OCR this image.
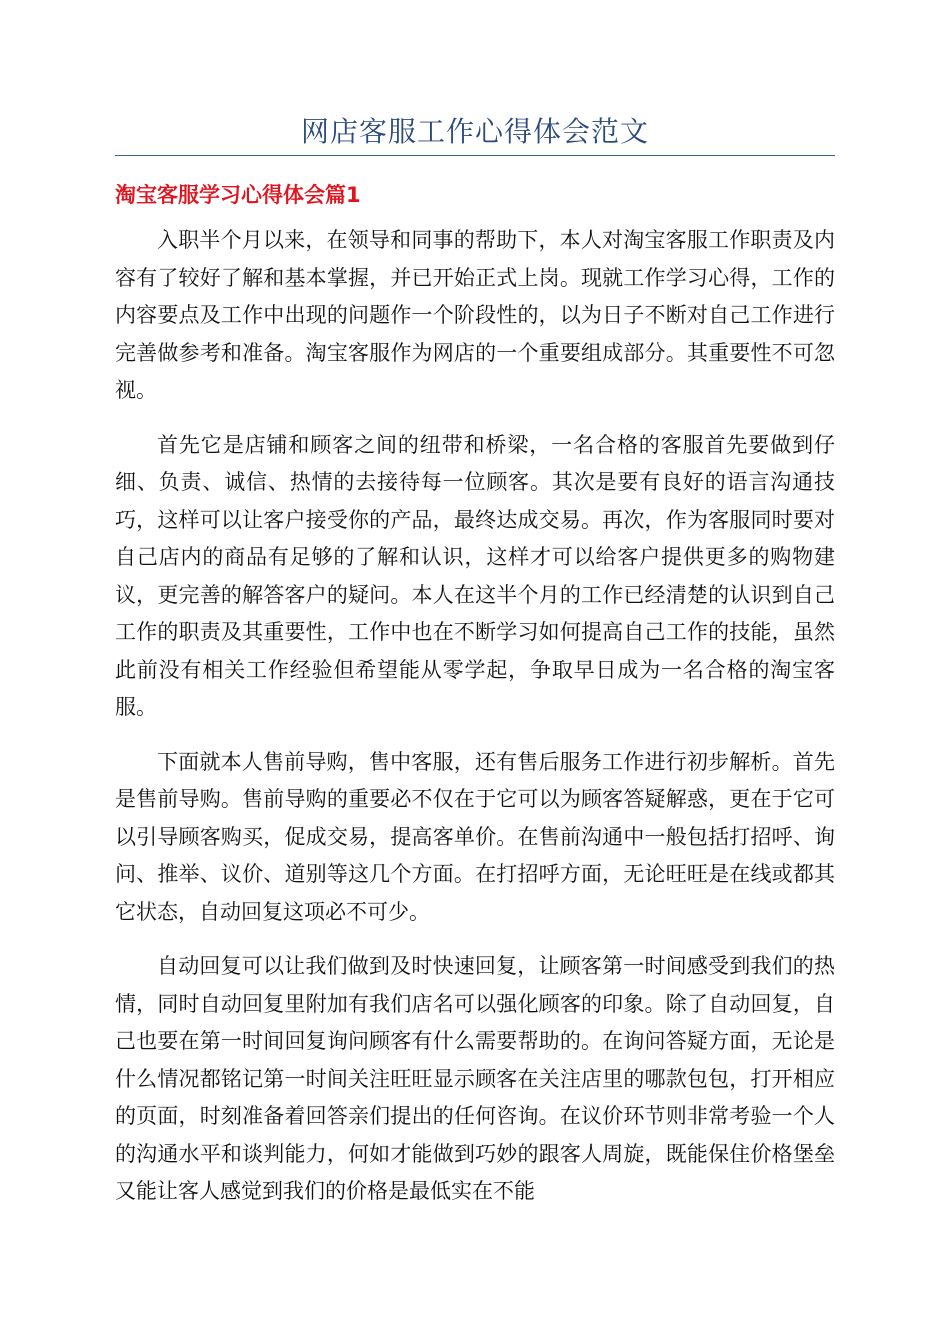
网店客服工作心得体会范文
淘宝客服学习心得体会篇1

入职半个月以来，在领导和同事的帮助下，本人对淘宝客服工作职责及内容有了较好了解和基本掌握，并已开始正式上岗。现就工作学习心得，工作的内容要点及工作中出现的问题作一个阶段性的，以为日子不断对自己工作进行完善做参考和准备。淘宝客服作为网店的一个重要组成部分。其重要性不可忽视。

首先它是店铺和顾客之间的纽带和桥梁，一名合格的客服首先要做到仔细、负责、诚信、热情的去接待每一位顾客。其次是要有良好的语言沟通技巧，这样可以让客户接受你的产品，最终达成交易。再次，作为客服同时要对自己店内的商品有足够的了解和认识，这样才可以给客户提供更多的购物建议，更完善的解答客户的疑问。本人在这半个月的工作已经清楚的认识到自己工作的职责及其重要性，工作中也在不断学习如何提高自己工作的技能，虽然此前没有相关工作经验但希望能从零学起，争取早日成为一名合格的淘宝客服。

下面就本人售前导购，售中客服，还有售后服务工作进行初步解析。首先是售前导购。售前导购的重要必不仅在于它可以为顾客答疑解惑，更在于它可以引导顾客购买，促成交易，提高客单价。在售前沟通中一般包括打招呼、询问、推举、议价、道别等这几个方面。在打招呼方面，无论旺旺是在线或都其它状态，自动回复这项必不可少。

自动回复可以让我们做到及时快速回复，让顾客第一时间感受到我们的热情，同时自动回复里附加有我们店名可以强化顾客的印象。除了自动回复，自己也要在第一时间回复询问顾客有什么需要帮助的。在询问答疑方面，无论是什么情况都铭记第一时间关注旺旺显示顾客在关注店里的哪款包包，打开相应的页面，时刻准备着回答亲们提出的任何咨询。在议价环节则非常考验一个人的沟通水平和谈判能力，何如才能做到巧妙的跟客人周旋，既能保住价格堡垒又能让客人感觉到我们的价格是最低实在不能
